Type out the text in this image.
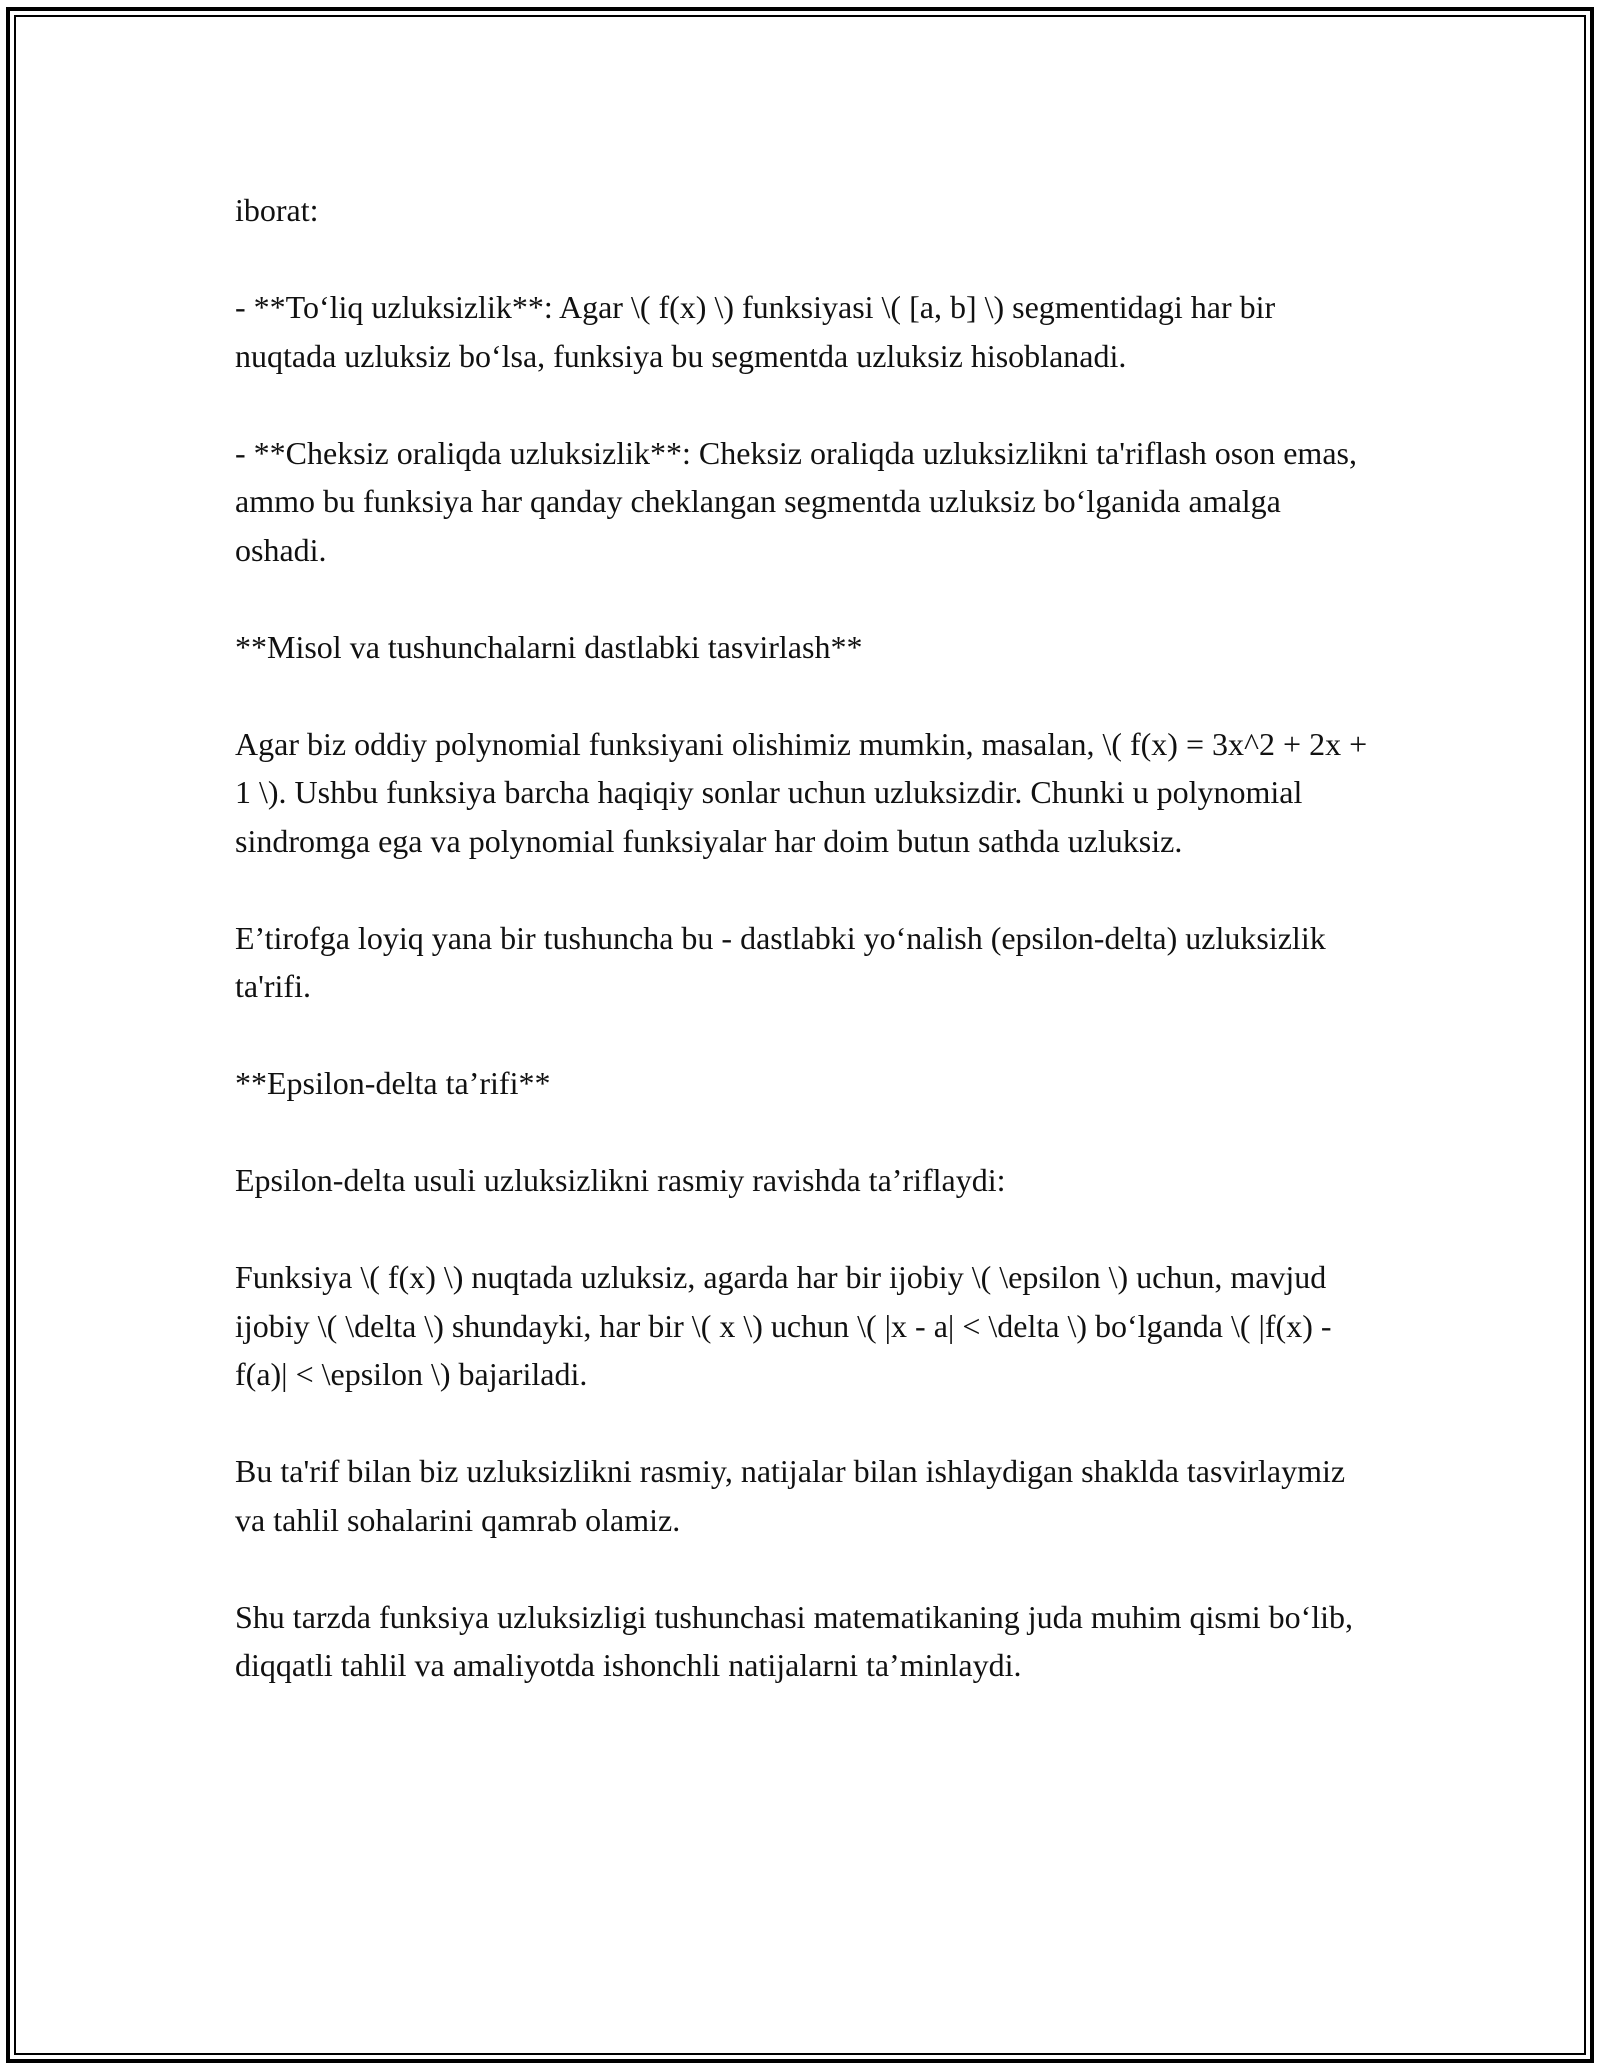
iborat:

- **To‘liq uzluksizlik**: Agar \( f(x) \) funksiyasi \( [a, b] \) segmentidagi har bir nuqtada uzluksiz bo‘lsa, funksiya bu segmentda uzluksiz hisoblanadi.

- **Cheksiz oraliqda uzluksizlik**: Cheksiz oraliqda uzluksizlikni ta'riflash oson emas, ammo bu funksiya har qanday cheklangan segmentda uzluksiz bo‘lganida amalga oshadi.

**Misol va tushunchalarni dastlabki tasvirlash**

Agar biz oddiy polynomial funksiyani olishimiz mumkin, masalan, \( f(x) = 3x^2 + 2x + 1 \). Ushbu funksiya barcha haqiqiy sonlar uchun uzluksizdir. Chunki u polynomial sindromga ega va polynomial funksiyalar har doim butun sathda uzluksiz.

E’tirofga loyiq yana bir tushuncha bu - dastlabki yo‘nalish (epsilon-delta) uzluksizlik ta'rifi.

**Epsilon-delta ta’rifi**

Epsilon-delta usuli uzluksizlikni rasmiy ravishda ta’riflaydi:

Funksiya \( f(x) \) nuqtada uzluksiz, agarda har bir ijobiy \( \epsilon \) uchun, mavjud ijobiy \( \delta \) shundayki, har bir \( x \) uchun \( |x - a| < \delta \) bo‘lganda \( |f(x) - f(a)| < \epsilon \) bajariladi.

Bu ta'rif bilan biz uzluksizlikni rasmiy, natijalar bilan ishlaydigan shaklda tasvirlaymiz va tahlil sohalarini qamrab olamiz.

Shu tarzda funksiya uzluksizligi tushunchasi matematikaning juda muhim qismi bo‘lib, diqqatli tahlil va amaliyotda ishonchli natijalarni ta’minlaydi.
